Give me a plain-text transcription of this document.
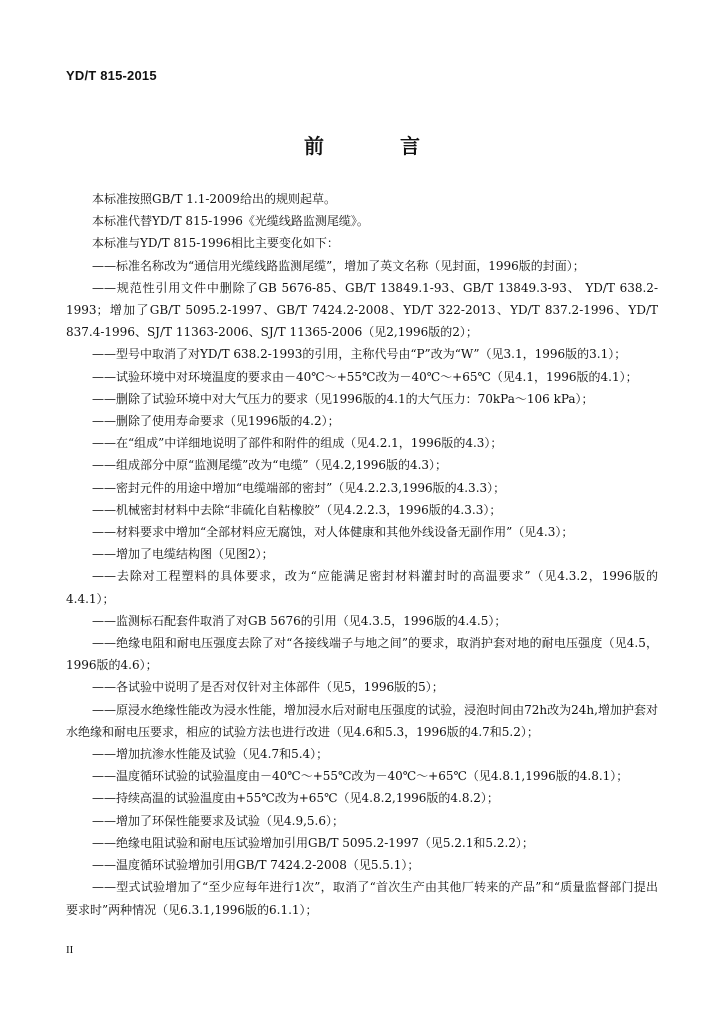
YD/T 815-2015
前　言

本标准按照GB/T 1.1-2009给出的规则起草。

本标准代替YD/T 815-1996《光缆线路监测尾缆》。

本标准与YD/T 815-1996相比主要变化如下：

——标准名称改为“通信用光缆线路监测尾缆”，增加了英文名称（见封面，1996版的封面）；

——规范性引用文件中删除了GB 5676-85、GB/T 13849.1-93、GB/T 13849.3-93、 YD/T 638.2-1993；增加了GB/T 5095.2-1997、GB/T 7424.2-2008、YD/T 322-2013、YD/T 837.2-1996、YD/T 837.4-1996、SJ/T 11363-2006、SJ/T 11365-2006（见2,1996版的2）；

——型号中取消了对YD/T 638.2-1993的引用，主称代号由“P”改为“W”（见3.1，1996版的3.1）；

——试验环境中对环境温度的要求由－40℃～+55℃改为－40℃～+65℃（见4.1，1996版的4.1）；

——删除了试验环境中对大气压力的要求（见1996版的4.1的大气压力：70kPa～106 kPa）；

——删除了使用寿命要求（见1996版的4.2）；

——在“组成”中详细地说明了部件和附件的组成（见4.2.1，1996版的4.3）；

——组成部分中原“监测尾缆”改为“电缆”（见4.2,1996版的4.3）；

——密封元件的用途中增加“电缆端部的密封”（见4.2.2.3,1996版的4.3.3）；

——机械密封材料中去除“非硫化自粘橡胶”（见4.2.2.3，1996版的4.3.3）；

——材料要求中增加“全部材料应无腐蚀，对人体健康和其他外线设备无副作用”（见4.3）；

——增加了电缆结构图（见图2）；

——去除对工程塑料的具体要求，改为“应能满足密封材料灌封时的高温要求”（见4.3.2，1996版的4.4.1）；

——监测标石配套件取消了对GB 5676的引用（见4.3.5，1996版的4.4.5）；

——绝缘电阻和耐电压强度去除了对“各接线端子与地之间”的要求，取消护套对地的耐电压强度（见4.5，1996版的4.6）；

——各试验中说明了是否对仅针对主体部件（见5，1996版的5）；

——原浸水绝缘性能改为浸水性能，增加浸水后对耐电压强度的试验，浸泡时间由72h改为24h,增加护套对水绝缘和耐电压要求，相应的试验方法也进行改进（见4.6和5.3，1996版的4.7和5.2）；

——增加抗渗水性能及试验（见4.7和5.4）；

——温度循环试验的试验温度由－40℃～+55℃改为－40℃～+65℃（见4.8.1,1996版的4.8.1）；

——持续高温的试验温度由+55℃改为+65℃（见4.8.2,1996版的4.8.2）；

——增加了环保性能要求及试验（见4.9,5.6）；

——绝缘电阻试验和耐电压试验增加引用GB/T 5095.2-1997（见5.2.1和5.2.2）；

——温度循环试验增加引用GB/T 7424.2-2008（见5.5.1）；

——型式试验增加了“至少应每年进行1次”，取消了“首次生产由其他厂转来的产品”和“质量监督部门提出要求时”两种情况（见6.3.1,1996版的6.1.1）；

II
